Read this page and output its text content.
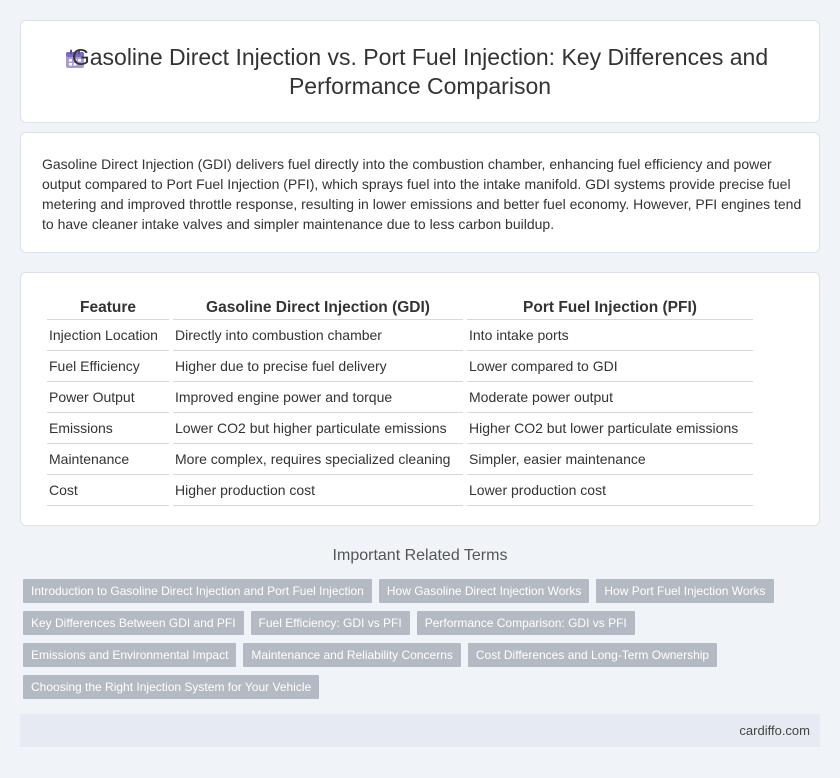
Gasoline Direct Injection vs. Port Fuel Injection: Key Differences and Performance Comparison

Gasoline Direct Injection (GDI) delivers fuel directly into the combustion chamber, enhancing fuel efficiency and power output compared to Port Fuel Injection (PFI), which sprays fuel into the intake manifold. GDI systems provide precise fuel metering and improved throttle response, resulting in lower emissions and better fuel economy. However, PFI engines tend to have cleaner intake valves and simpler maintenance due to less carbon buildup.

Feature	Gasoline Direct Injection (GDI)	Port Fuel Injection (PFI)
Injection Location	Directly into combustion chamber	Into intake ports
Fuel Efficiency	Higher due to precise fuel delivery	Lower compared to GDI
Power Output	Improved engine power and torque	Moderate power output
Emissions	Lower CO2 but higher particulate emissions	Higher CO2 but lower particulate emissions
Maintenance	More complex, requires specialized cleaning	Simpler, easier maintenance
Cost	Higher production cost	Lower production cost
Important Related Terms
Introduction to Gasoline Direct Injection and Port Fuel Injection	How Gasoline Direct Injection Works	How Port Fuel Injection Works
Key Differences Between GDI and PFI	Fuel Efficiency: GDI vs PFI	Performance Comparison: GDI vs PFI
Emissions and Environmental Impact	Maintenance and Reliability Concerns	Cost Differences and Long-Term Ownership
Choosing the Right Injection System for Your Vehicle
cardiffo.com
